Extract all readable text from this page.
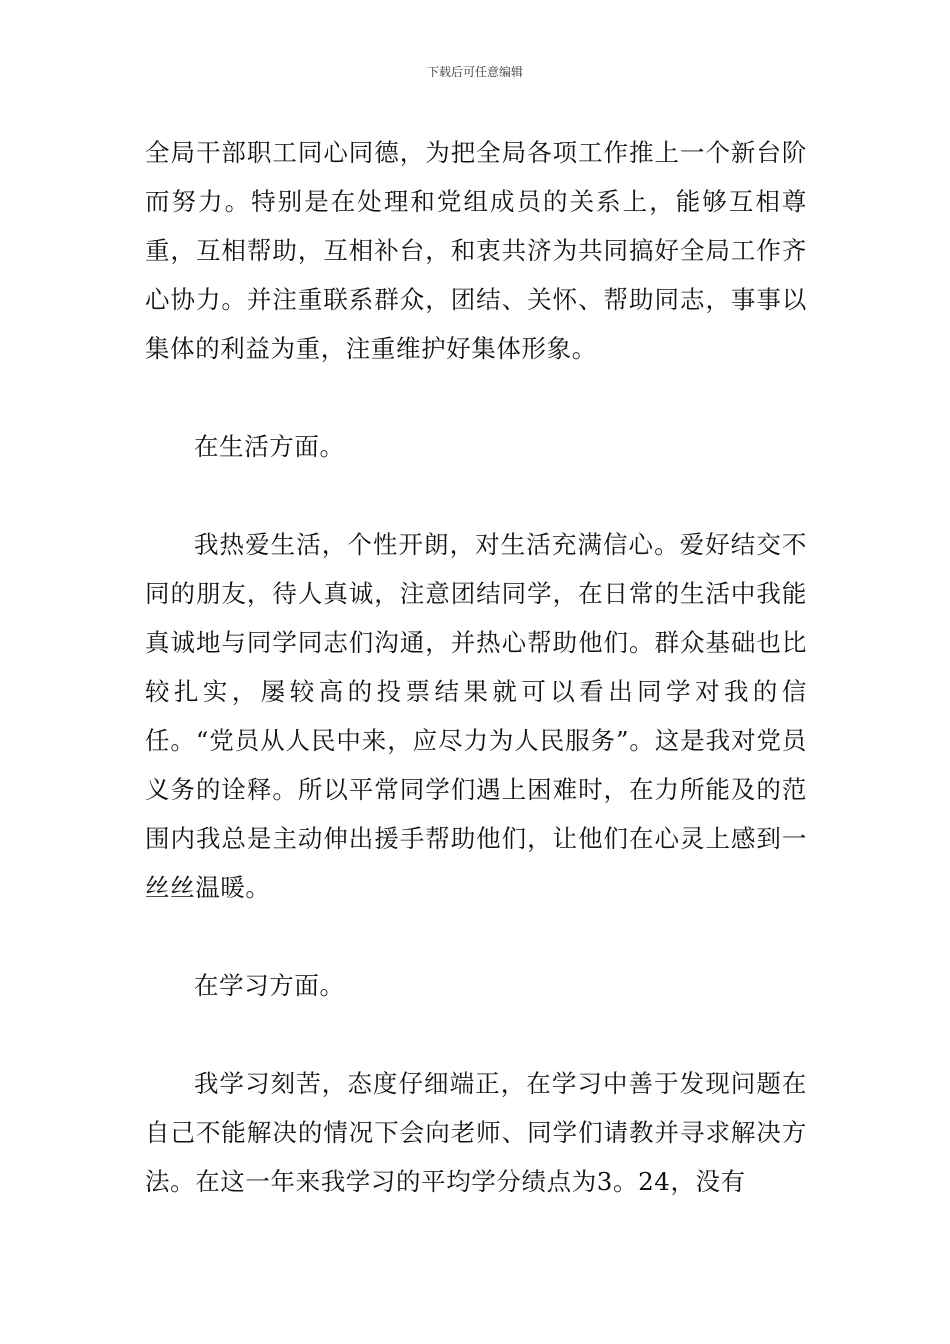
下载后可任意编辑

全局干部职工同心同德，为把全局各项工作推上一个新台阶而努力。特别是在处理和党组成员的关系上，能够互相尊重，互相帮助，互相补台，和衷共济为共同搞好全局工作齐心协力。并注重联系群众，团结、关怀、帮助同志，事事以集体的利益为重，注重维护好集体形象。

在生活方面。

我热爱生活，个性开朗，对生活充满信心。爱好结交不同的朋友，待人真诚，注意团结同学，在日常的生活中我能真诚地与同学同志们沟通，并热心帮助他们。群众基础也比较扎实，屡较高的投票结果就可以看出同学对我的信任。“党员从人民中来，应尽力为人民服务”。这是我对党员义务的诠释。所以平常同学们遇上困难时，在力所能及的范围内我总是主动伸出援手帮助他们，让他们在心灵上感到一丝丝温暖。

在学习方面。

我学习刻苦，态度仔细端正，在学习中善于发现问题在自己不能解决的情况下会向老师、同学们请教并寻求解决方法。在这一年来我学习的平均学分绩点为3。24，没有
